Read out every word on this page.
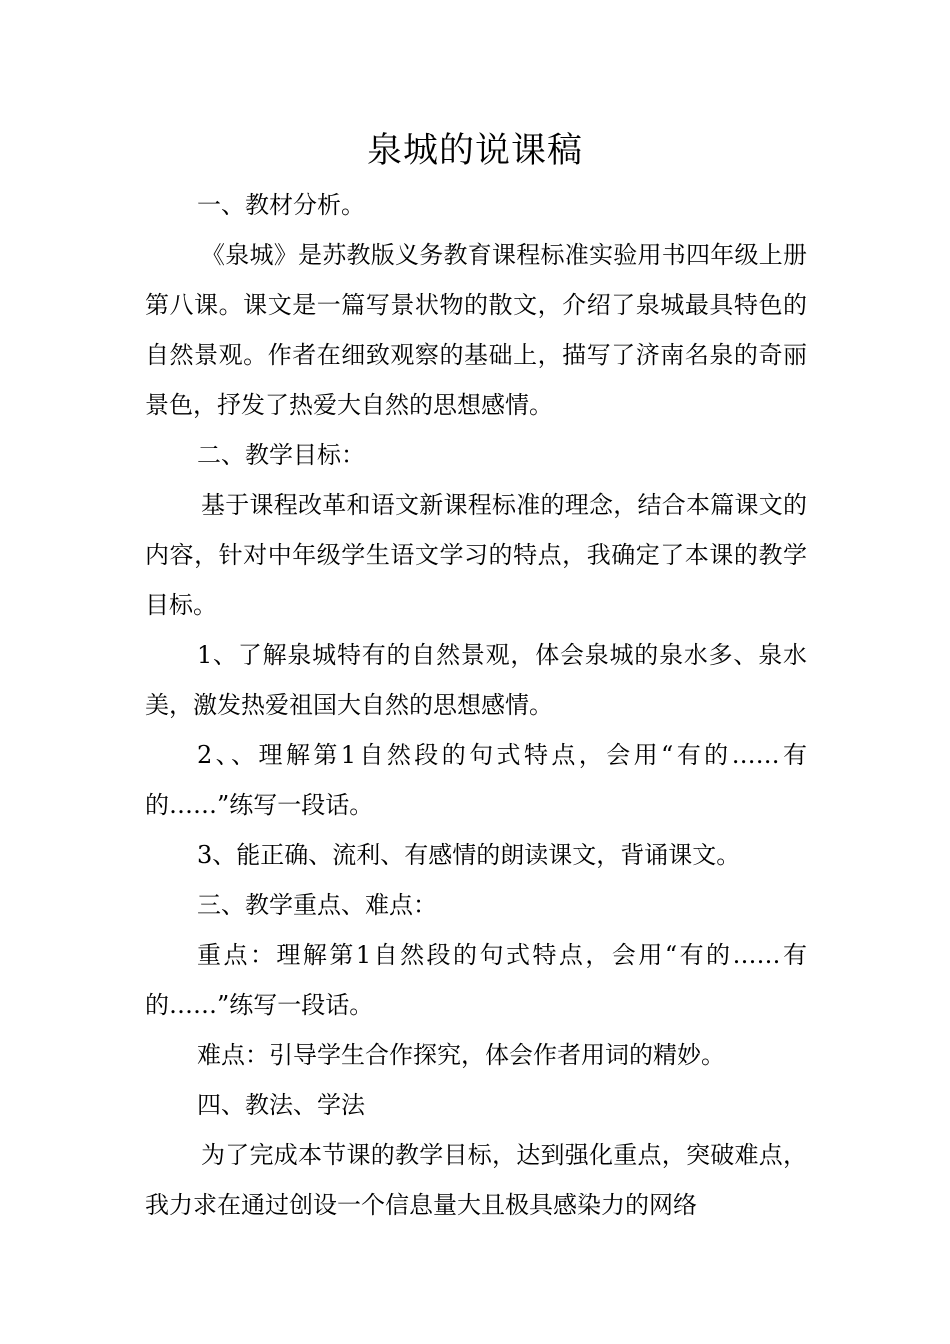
泉城的说课稿

一、教材分析。

《泉城》是苏教版义务教育课程标准实验用书四年级上册第八课。课文是一篇写景状物的散文，介绍了泉城最具特色的自然景观。作者在细致观察的基础上，描写了济南名泉的奇丽景色，抒发了热爱大自然的思想感情。

二、教学目标：

基于课程改革和语文新课程标准的理念，结合本篇课文的内容，针对中年级学生语文学习的特点，我确定了本课的教学目标。

1、了解泉城特有的自然景观，体会泉城的泉水多、泉水美，激发热爱祖国大自然的思想感情。

2、、理解第1自然段的句式特点，会用“有的……有的……”练写一段话。

3、能正确、流利、有感情的朗读课文，背诵课文。

三、教学重点、难点：

重点：理解第1自然段的句式特点，会用“有的……有的……”练写一段话。

难点：引导学生合作探究，体会作者用词的精妙。

四、教法、学法

为了完成本节课的教学目标，达到强化重点，突破难点，我力求在通过创设一个信息量大且极具感染力的网络
